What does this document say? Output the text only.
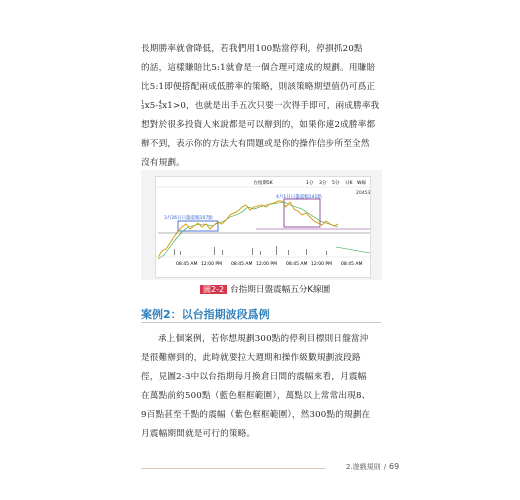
長期勝率就會降低，若我們用100點當停利，停損抓20點
的話，這樣賺賠比5:1就會是一個合理可達成的規劃。用賺賠
比5:1即便搭配兩成低勝率的策略，則該策略期望值仍可爲正
1
5x5-4
5x1>0，也就是出手五次只要一次得手即可，兩成勝率我
想對於很多投資人來說都是可以辦到的，如果你連2成勝率都
辦不到，表示你的方法大有問題或是你的操作信步所至全然
沒有規劃。
台指期5K	1分 3分 5分 日K W線
20453
3月26日日盤震幅107點
4月1日日盤震幅141點
08:45 AM 12:00 PM 08:45 AM 12:00 PM 08:45 AM 12:00 PM 08:45 AM
圖2-2 台指期日盤震幅五分K線圖
案例2：以台指期波段爲例
承上個案例，若你想規劃300點的停利目標則日盤當沖
是很難辦到的，此時就要拉大週期和操作級數規劃波段路
徑，見圖2-3中以台指期每月換倉日間的震幅來看，月震幅
在萬點前約500點（藍色框框範圍），萬點以上常常出現8、
9百點甚至千點的震幅（紫色框框範圍），然300點的規劃在
月震幅期間就是可行的策略。
2.遊戲規則 / 69
